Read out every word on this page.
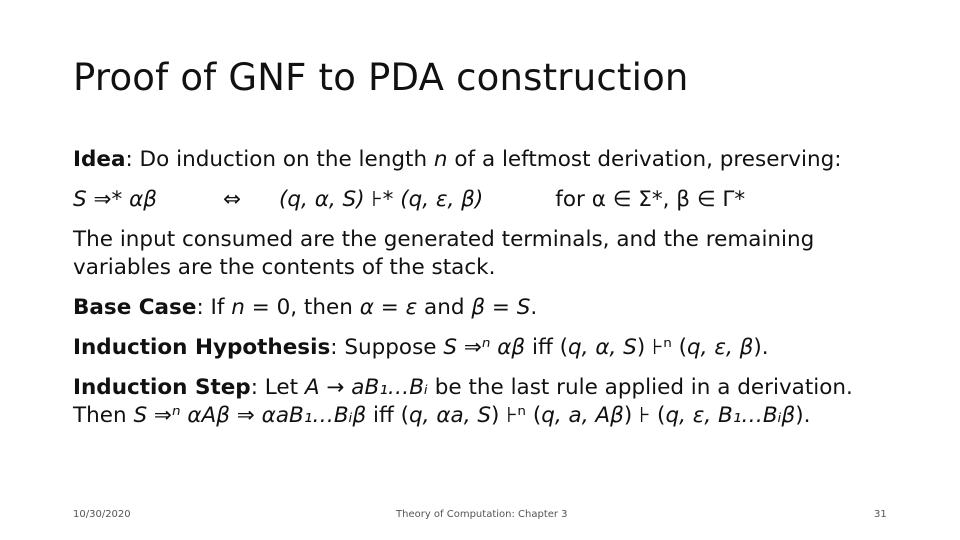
Proof of GNF to PDA construction
Idea: Do induction on the length n of a leftmost derivation, preserving:
S ⇒* αβ	⇔ (q, α, S) ⊦* (q, ε, β)	for α ∈ Σ*, β ∈ Γ*
The input consumed are the generated terminals, and the remaining
variables are the contents of the stack.
Base Case: If n = 0, then α = ε and β = S.
Induction Hypothesis: Suppose S ⇒ⁿ αβ iff (q, α, S) ⊦ⁿ (q, ε, β).
Induction Step: Let A → aB₁…Bᵢ be the last rule applied in a derivation.
Then S ⇒ⁿ αAβ ⇒ αaB₁…Bᵢβ iff (q, αa, S) ⊦ⁿ (q, a, Aβ) ⊦ (q, ε, B₁…Bᵢβ).
10/30/2020	Theory of Computation: Chapter 3	31
